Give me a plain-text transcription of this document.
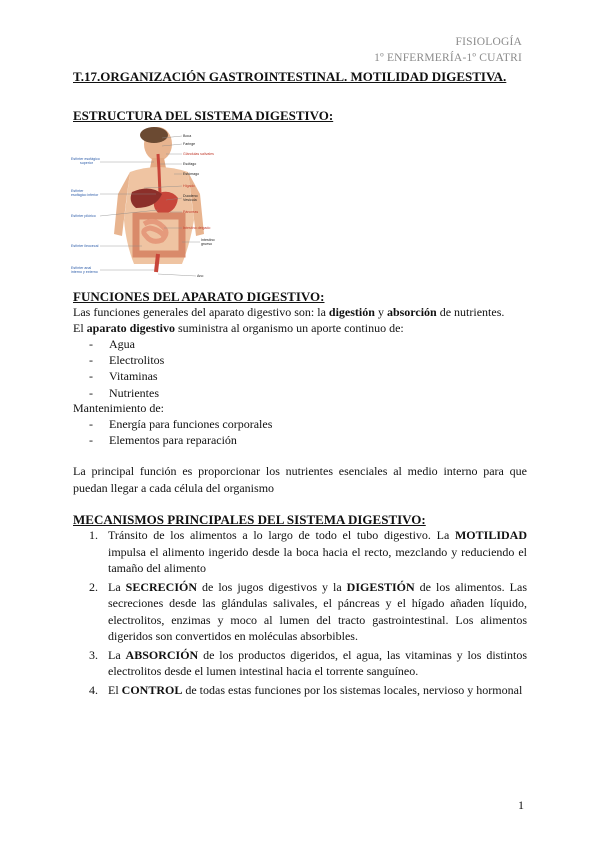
FISIOLOGÍA
1º ENFERMERÍA-1º CUATRI
T.17.ORGANIZACIÓN GASTROINTESTINAL. MOTILIDAD DIGESTIVA.
ESTRUCTURA DEL SISTEMA DIGESTIVO:
Esfínter esofágico
superior
Esfínter
esofágico inferior
Esfínter pilórico
Esfínter ileocecal
Esfínter anal
interno y externo
Boca
Faringe
Glándulas salivales
Esófago
Estómago
Hígado
Duodeno
Vesícula
Páncreas
Intestino delgado
Intestino
grueso
Ano
FUNCIONES DEL APARATO DIGESTIVO:
Las funciones generales del aparato digestivo son: la digestión y absorción de nutrientes.
El aparato digestivo suministra al organismo un aporte continuo de:
- Agua
- Electrolitos
- Vitaminas
- Nutrientes
Mantenimiento de:
- Energía para funciones corporales
- Elementos para reparación
La principal función es proporcionar los nutrientes esenciales al medio interno para que puedan llegar a cada célula del organismo
MECANISMOS PRINCIPALES DEL SISTEMA DIGESTIVO:
1. Tránsito de los alimentos a lo largo de todo el tubo digestivo. La MOTILIDAD impulsa el alimento ingerido desde la boca hacia el recto, mezclando y reduciendo el tamaño del alimento
2. La SECRECIÓN de los jugos digestivos y la DIGESTIÓN de los alimentos. Las secreciones desde las glándulas salivales, el páncreas y el hígado añaden líquido, electrolitos, enzimas y moco al lumen del tracto gastrointestinal. Los alimentos digeridos son convertidos en moléculas absorbibles.
3. La ABSORCIÓN de los productos digeridos, el agua, las vitaminas y los distintos electrolitos desde el lumen intestinal hacia el torrente sanguíneo.
4. El CONTROL de todas estas funciones por los sistemas locales, nervioso y hormonal
1
